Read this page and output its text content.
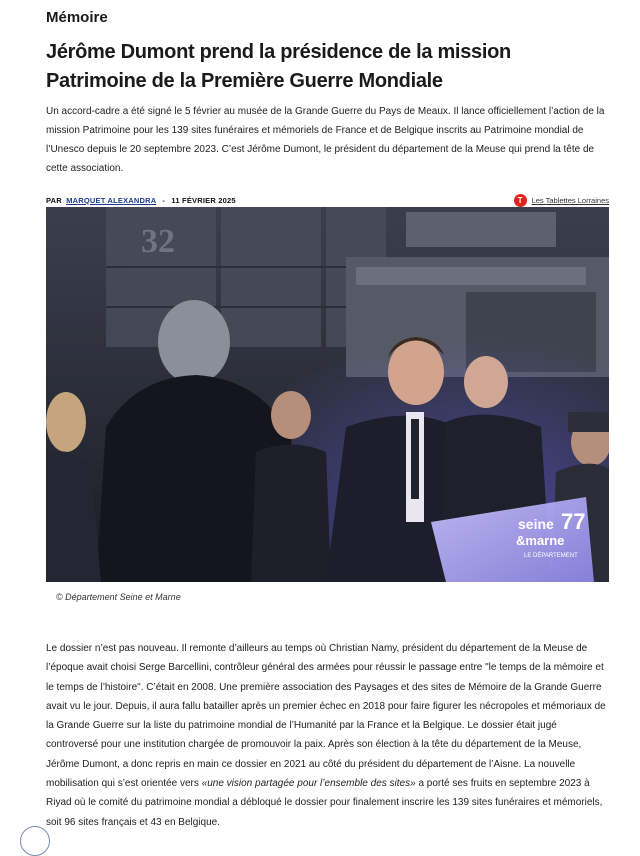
Mémoire
Jérôme Dumont prend la présidence de la mission Patrimoine de la Première Guerre Mondiale

Un accord-cadre a été signé le 5 février au musée de la Grande Guerre du Pays de Meaux. Il lance officiellement l’action de la mission Patrimoine pour les 139 sites funéraires et mémoriels de France et de Belgique inscrits au Patrimoine mondial de l’Unesco depuis le 20 septembre 2023. C’est Jérôme Dumont, le président du département de la Meuse qui prend la tête de cette association.

PAR MARQUET ALEXANDRA - 11 FÉVRIER 2025	T	Les Tablettes Lorraines
seine
&marne
LE DÉPARTEMENT
77
© Département Seine et Marne
Le dossier n’est pas nouveau. Il remonte d’ailleurs au temps où Christian Namy, président du département de la Meuse de l’époque avait choisi Serge Barcellini, contrôleur général des armées pour réussir le passage entre "le temps de la mémoire et le temps de l’histoire". C’était en 2008. Une première association des Paysages et des sites de Mémoire de la Grande Guerre avait vu le jour. Depuis, il aura fallu batailler après un premier échec en 2018 pour faire figurer les nécropoles et mémoriaux de la Grande Guerre sur la liste du patrimoine mondial de l’Humanité par la France et la Belgique. Le dossier était jugé controversé pour une institution chargée de promouvoir la paix. Après son élection à la tête du département de la Meuse, Jérôme Dumont, a donc repris en main ce dossier en 2021 au côté du président du département de l’Aisne. La nouvelle mobilisation qui s’est orientée vers «une vision partagée pour l’ensemble des sites» a porté ses fruits en septembre 2023 à Riyad où le comité du patrimoine mondial a débloqué le dossier pour finalement inscrire les 139 sites funéraires et mémoriels, soit 96 sites français et 43 en Belgique.
